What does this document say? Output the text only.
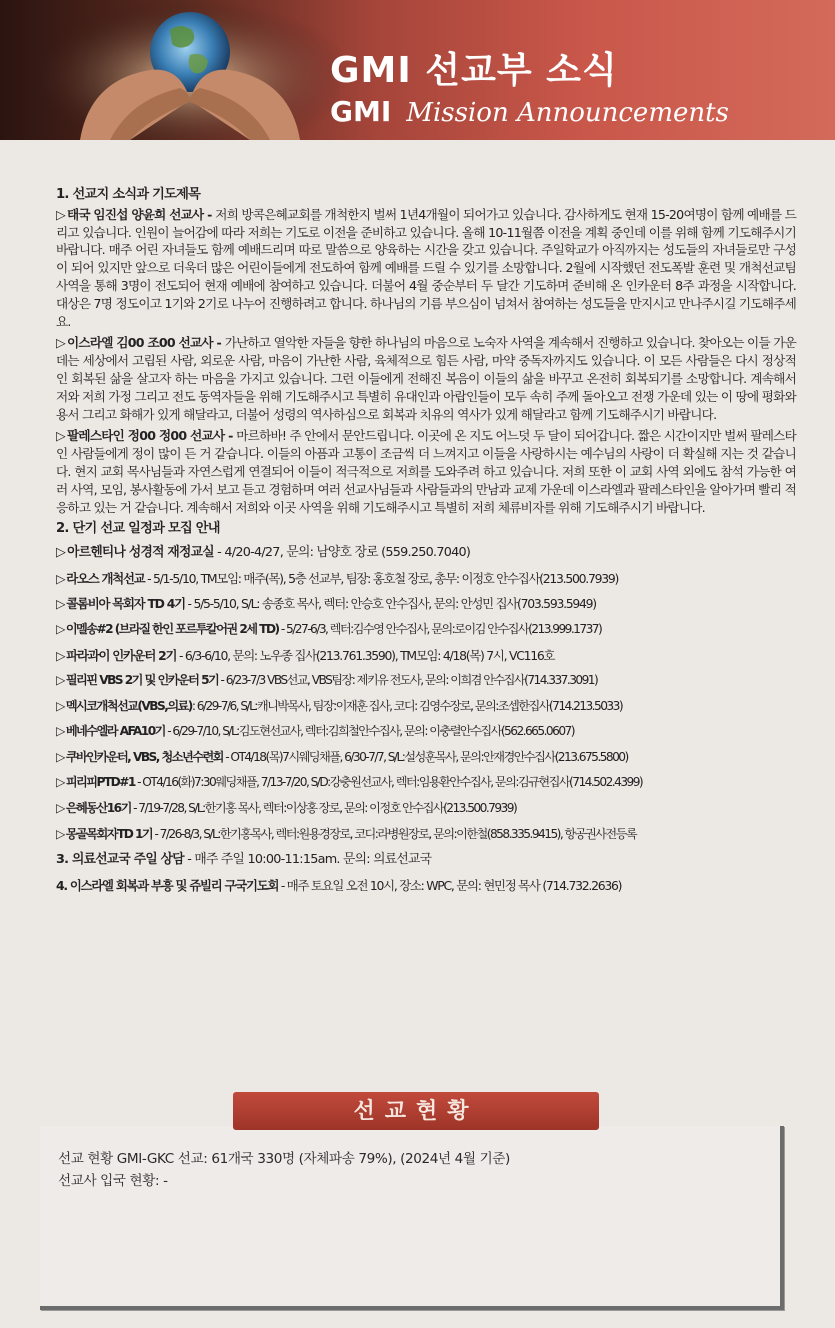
GMI 선교부 소식
GMI Mission Announcements
1. 선교지 소식과 기도제목
▷ 태국 임진섭 양윤희 선교사 - 저희 방콕은혜교회를 개척한지 벌써 1년4개월이 되어가고 있습니다. 감사하게도 현재 15-20여명이 함께 예배를 드리고 있습니다. 인원이 늘어감에 따라 저희는 기도로 이전을 준비하고 있습니다. 올해 10-11월쯤 이전을 계획 중인데 이를 위해 함께 기도해주시기 바랍니다. 매주 어린 자녀들도 함께 예배드리며 따로 말씀으로 양육하는 시간을 갖고 있습니다. 주일학교가 아직까지는 성도들의 자녀들로만 구성이 되어 있지만 앞으로 더욱더 많은 어린이들에게 전도하여 함께 예배를 드릴 수 있기를 소망합니다. 2월에 시작했던 전도폭발 훈련 및 개척선교팀 사역을 통해 3명이 전도되어 현재 예배에 참여하고 있습니다. 더불어 4월 중순부터 두 달간 기도하며 준비해 온 인카운터 8주 과정을 시작합니다. 대상은 7명 정도이고 1기와 2기로 나누어 진행하려고 합니다. 하나님의 기름 부으심이 넘쳐서 참여하는 성도들을 만지시고 만나주시길 기도해주세요.
▷ 이스라엘 김00 조00 선교사 - 가난하고 열악한 자들을 향한 하나님의 마음으로 노숙자 사역을 계속해서 진행하고 있습니다. 찾아오는 이들 가운데는 세상에서 고립된 사람, 외로운 사람, 마음이 가난한 사람, 육체적으로 힘든 사람, 마약 중독자까지도 있습니다. 이 모든 사람들은 다시 정상적인 회복된 삶을 살고자 하는 마음을 가지고 있습니다. 그런 이들에게 전해진 복음이 이들의 삶을 바꾸고 온전히 회복되기를 소망합니다. 계속해서 저와 저희 가정 그리고 전도 동역자들을 위해 기도해주시고 특별히 유대인과 아랍인들이 모두 속히 주께 돌아오고 전쟁 가운데 있는 이 땅에 평화와 용서 그리고 화해가 있게 해달라고, 더불어 성령의 역사하심으로 회복과 치유의 역사가 있게 해달라고 함께 기도해주시기 바랍니다.
▷ 팔레스타인 정00 정00 선교사 - 마르하바! 주 안에서 문안드립니다. 이곳에 온 지도 어느덧 두 달이 되어갑니다. 짧은 시간이지만 벌써 팔레스타인 사람들에게 정이 많이 든 거 같습니다. 이들의 아픔과 고통이 조금씩 더 느껴지고 이들을 사랑하시는 예수님의 사랑이 더 확실해 지는 것 같습니다. 현지 교회 목사님들과 자연스럽게 연결되어 이들이 적극적으로 저희를 도와주려 하고 있습니다. 저희 또한 이 교회 사역 외에도 참석 가능한 여러 사역, 모임, 봉사활동에 가서 보고 듣고 경험하며 여러 선교사님들과 사람들과의 만남과 교제 가운데 이스라엘과 팔레스타인을 알아가며 빨리 적응하고 있는 거 같습니다. 계속해서 저희와 이곳 사역을 위해 기도해주시고 특별히 저희 체류비자를 위해 기도해주시기 바랍니다.
2. 단기 선교 일정과 모집 안내
▷ 아르헨티나 성경적 재정교실 - 4/20-4/27, 문의: 남양호 장로 (559.250.7040)
▷ 라오스 개척선교 - 5/1-5/10, TM모임: 매주(목), 5층 선교부, 팀장: 홍호철 장로, 총무: 이정호 안수집사(213.500.7939)
▷ 콜롬비아 목회자 TD 4기 - 5/5-5/10, S/L: 송종호 목사, 렉터: 안승호 안수집사, 문의: 안성민 집사(703.593.5949)
▷ 이멜송#2 (브라질 한인 포르투칼어권 2세 TD) - 5/27-6/3, 렉터:김수영 안수집사, 문의:로이김 안수집사(213.999.1737)
▷ 파라과이 인카운터 2기 - 6/3-6/10, 문의: 노우종 집사(213.761.3590), TM모임: 4/18(목) 7시, VC116호
▷ 필리핀 VBS 2기 및 인카운터 5기 - 6/23-7/3 VBS선교, VBS팀장: 제키유 전도사, 문의: 이희겸 안수집사(714.337.3091)
▷ 멕시코개척선교(VBS,의료): 6/29-7/6, S/L:캐니박목사, 팀장:이재훈 집사, 코디: 김영수장로, 문의:조셉한집사(714.213.5033)
▷ 베네수엘라 AFA10기 - 6/29-7/10, S/L:김도현선교사, 렉터:김희철안수집사, 문의: 이충렬안수집사(562.665.0607)
▷ 쿠바인카운터, VBS, 청소년수련회 - OT4/18(목)7시웨딩채플, 6/30-7/7, S/L:설성훈목사, 문의:안재경안수집사(213.675.5800)
▷ 피리피PTD#1 - OT4/16(화)7:30웨딩채플, 7/13-7/20, S/D:강충원선교사, 렉터:임용환안수집사, 문의:김규현집사(714.502.4399)
▷ 은혜동산16기 - 7/19-7/28, S/L:한기홍 목사, 렉터:이상홍 장로, 문의: 이정호 안수집사(213.500.7939)
▷ 몽골목회자TD 1기 - 7/26-8/3, S/L:한기홍목사, 렉터:원용경장로, 코디:라병원장로, 문의:이한철(858.335.9415), 항공권사전등록
3. 의료선교국 주일 상담 - 매주 주일 10:00-11:15am. 문의: 의료선교국
4. 이스라엘 회복과 부흥 및 쥬빌리 구국기도회 - 매주 토요일 오전 10시, 장소: WPC, 문의: 현민정 목사 (714.732.2636)
선교현황
선교 현황 GMI-GKC 선교: 61개국 330명 (자체파송 79%), (2024년 4월 기준)
선교사 입국 현황: -
